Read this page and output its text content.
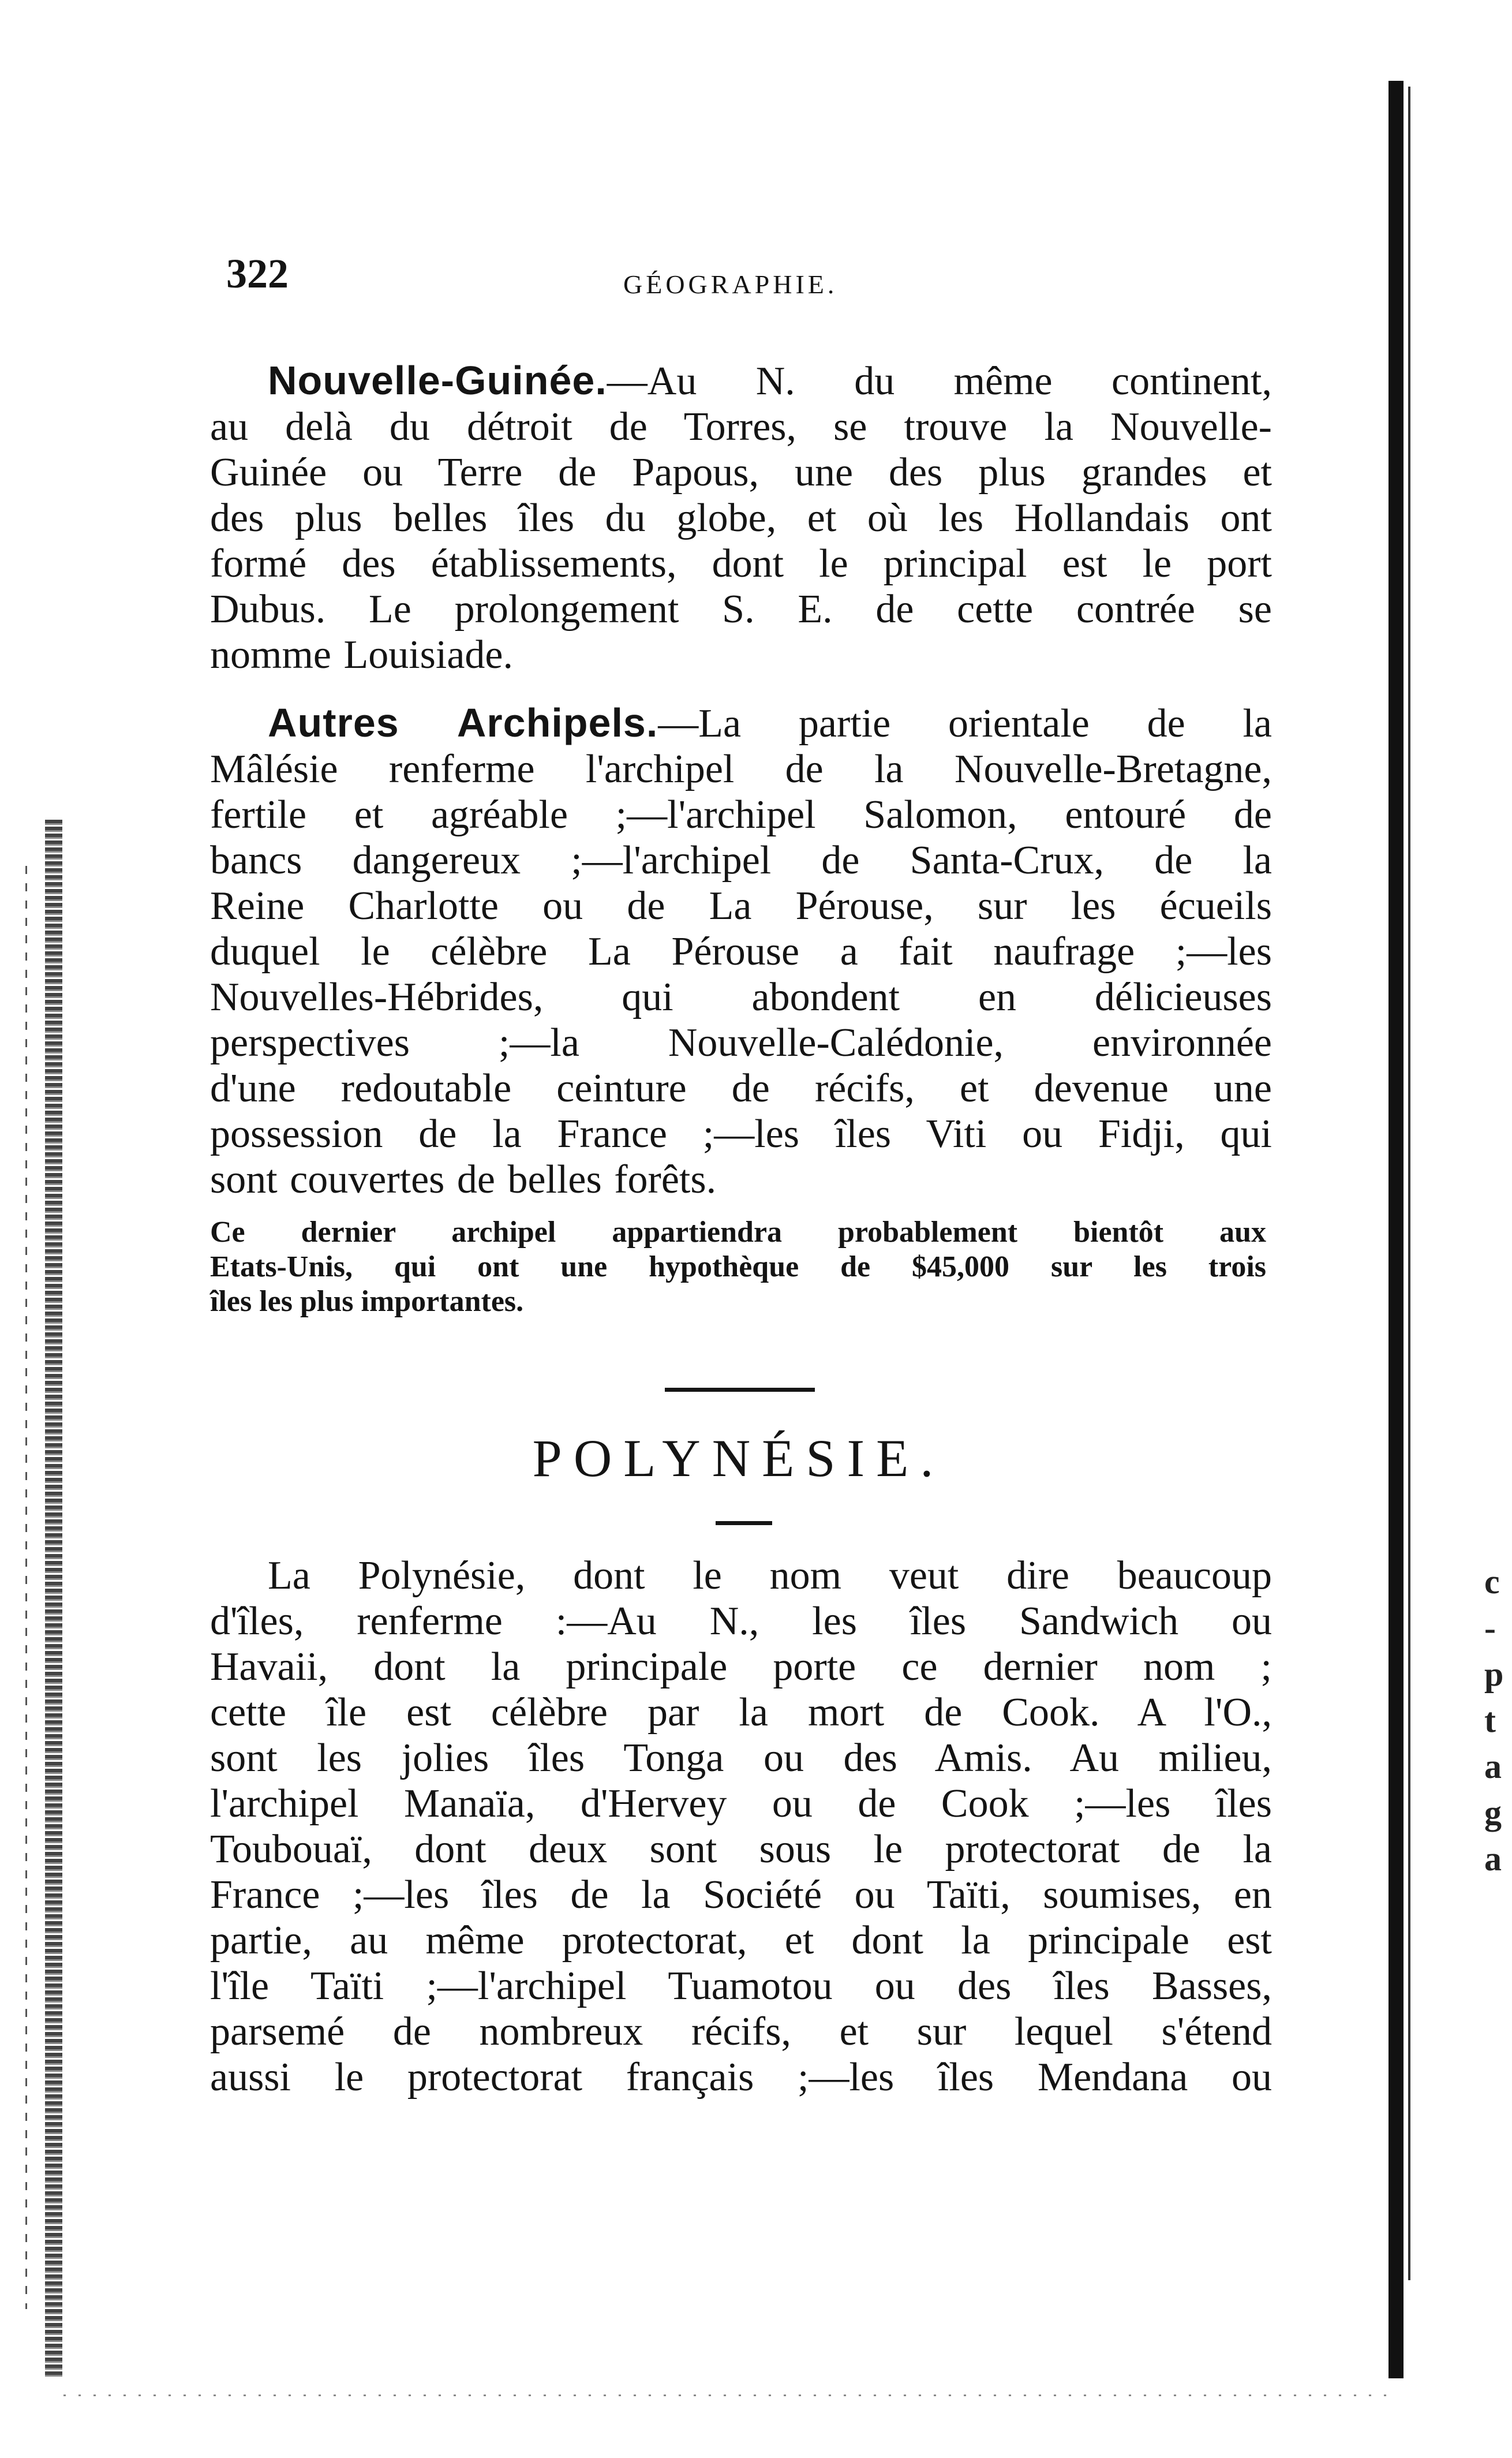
322	GÉOGRAPHIE.

Nouvelle-Guinée.—Au N. du même continent,
au delà du détroit de Torres, se trouve la Nouvelle-
Guinée ou Terre de Papous, une des plus grandes et
des plus belles îles du globe, et où les Hollandais ont
formé des établissements, dont le principal est le port
Dubus. Le prolongement S. E. de cette contrée se
nomme Louisiade.

Autres Archipels.—La partie orientale de la
Mâlésie renferme l'archipel de la Nouvelle-Bretagne,
fertile et agréable ;—l'archipel Salomon, entouré de
bancs dangereux ;—l'archipel de Santa-Crux, de la
Reine Charlotte ou de La Pérouse, sur les écueils
duquel le célèbre La Pérouse a fait naufrage ;—les
Nouvelles-Hébrides, qui abondent en délicieuses
perspectives ;—la Nouvelle-Calédonie, environnée
d'une redoutable ceinture de récifs, et devenue une
possession de la France ;—les îles Viti ou Fidji, qui
sont couvertes de belles forêts.

Ce dernier archipel appartiendra probablement bientôt aux
Etats-Unis, qui ont une hypothèque de $45,000 sur les trois
îles les plus importantes.
POLYNÉSIE.

La Polynésie, dont le nom veut dire beaucoup
d'îles, renferme :—Au N., les îles Sandwich ou
Havaii, dont la principale porte ce dernier nom ;
cette île est célèbre par la mort de Cook. A l'O.,
sont les jolies îles Tonga ou des Amis. Au milieu,
l'archipel Manaïa, d'Hervey ou de Cook ;—les îles
Toubouaï, dont deux sont sous le protectorat de la
France ;—les îles de la Société ou Taïti, soumises, en
partie, au même protectorat, et dont la principale est
l'île Taïti ;—l'archipel Tuamotou ou des îles Basses,
parsemé de nombreux récifs, et sur lequel s'étend
aussi le protectorat français ;—les îles Mendana ou

c
-
p
t
a
g
a
